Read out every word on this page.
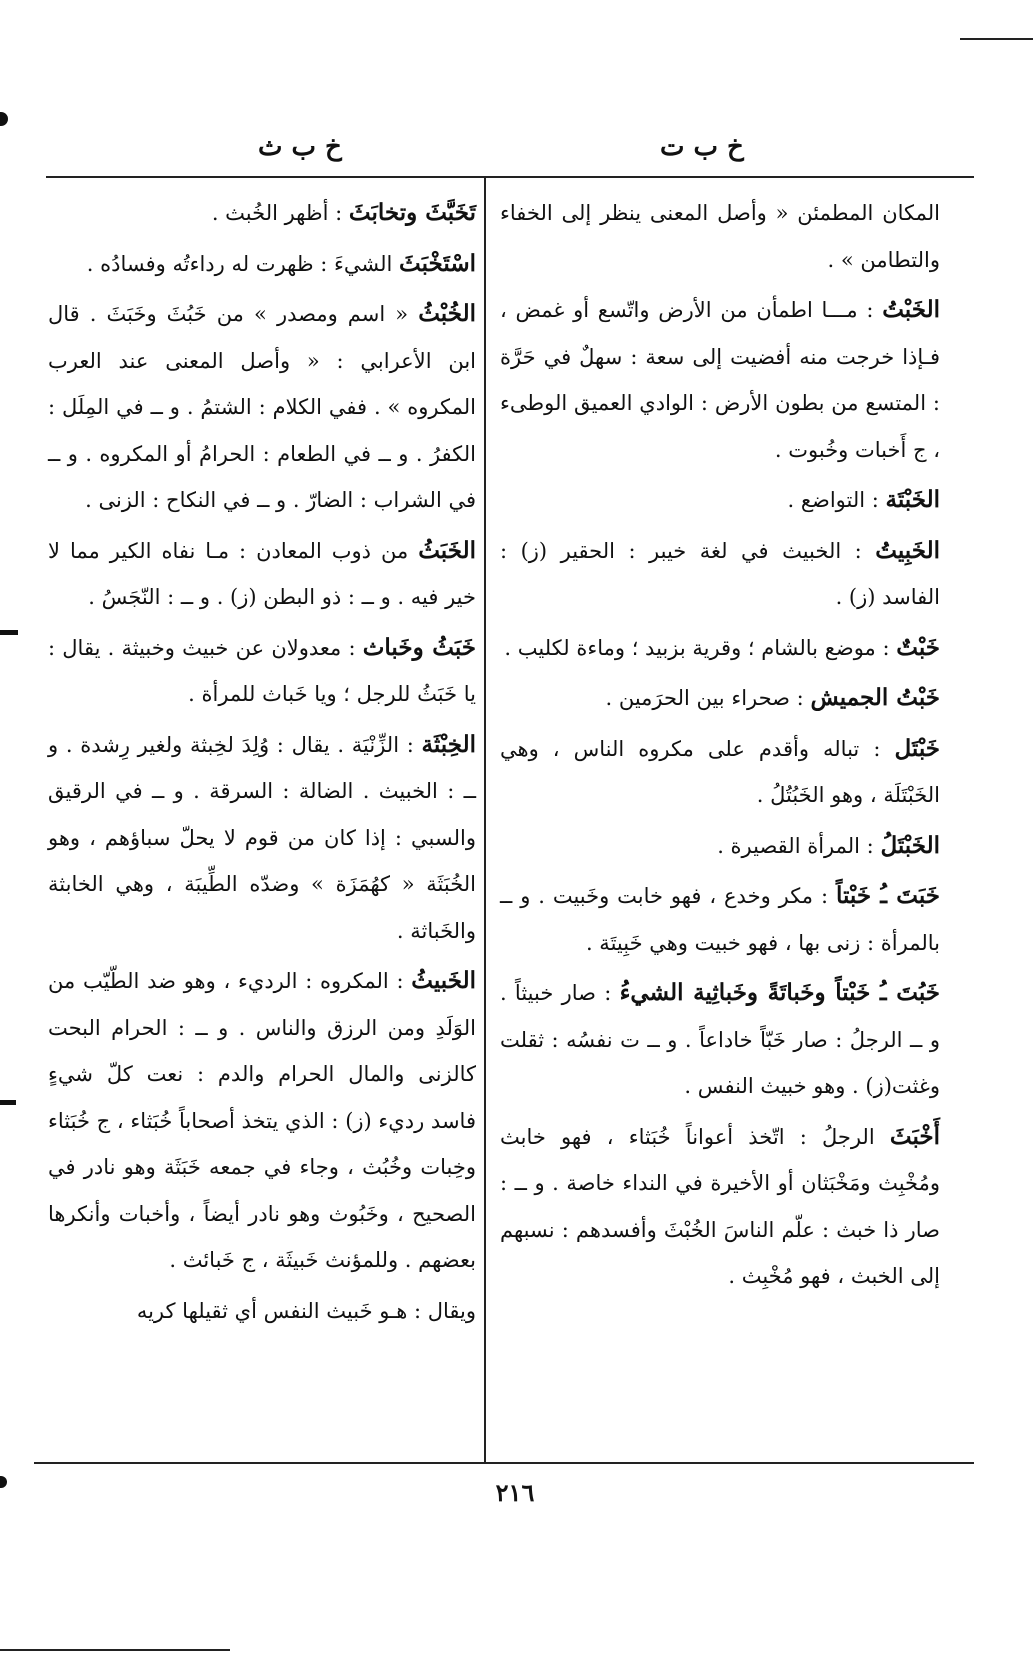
خ ب ت
خ ب ث
المكان المطمئن « وأصل المعنى ينظر إلى الخفاء والتطامن » .
الخَبْتُ : مـــا اطمأن من الأرض واتّسع أو غمض ، فـإذا خرجت منه أفضيت إلى سعة : سهلٌ في حَرَّة : المتسع من بطون الأرض : الوادي العميق الوطىء ، ج أَخبات وخُبوت .
الخَبْتَة : التواضع .
الخَبِيتُ : الخبيث في لغة خيبر : الحقير (ز) : الفاسد (ز) .
خَبْتٌ : موضع بالشام ؛ وقرية بزبيد ؛ وماءة لكليب .
خَبْتُ الجميش : صحراء بين الحرَمين .
خَبْتَل : تباله وأقدم على مكروه الناس ، وهي الخَبْتَلَة ، وهو الخَبُتُلُ .
الخَبْتَلُ : المرأة القصيرة .
خَبَتَ ـُ خَبْتاً : مكر وخدع ، فهو خابت وخَبيت . و ــ بالمرأة : زنى بها ، فهو خبيت وهي خَبِيتَة .
خَبُتَ ـُ خَبْتاً وخَباتَةً وخَباثِية الشيءُ : صار خبيثاً . و ــ الرجلُ : صار خَبّاً خاداعاً . و ــ ت نفسُه : ثقلت وغثت(ز) . وهو خبيث النفس .
أَخْبَثَ الرجلُ : اتّخذ أعواناً خُبَثاء ، فهو خابث ومُخْبِث ومَخْبَثان أو الأخيرة في النداء خاصة . و ــ : صار ذا خبث : علّم الناسَ الخُبْثَ وأفسدهم : نسبهم إلى الخبث ، فهو مُخْبِث .
تَخَبَّثَ وتخابَثَ : أظهر الخُبث .
اسْتَخْبَثَ الشيءَ : ظهرت له رداءتُه وفسادُه .
الخُبْثُ « اسم ومصدر » من خَبُثَ وخَبَثَ . قال ابن الأعرابي : « وأصل المعنى عند العرب المكروه » . ففي الكلام : الشتمُ . و ــ في المِلَل : الكفرُ . و ــ في الطعام : الحرامُ أو المكروه . و ــ في الشراب : الضارّ . و ــ في النكاح : الزنى .
الخَبَثُ من ذوب المعادن : مـا نفاه الكير مما لا خير فيه . و ــ : ذو البطن (ز) . و ــ : النّجَسُ .
خَبَثُ وخَباث : معدولان عن خبيث وخبيثة . يقال : يا خَبَثُ للرجل ؛ ويا خَباث للمرأة .
الخِبْثَة : الزِّنْيَة . يقال : وُلِدَ لخِبثة ولغير رِشدة . و ــ : الخبيث . الضالة : السرقة . و ــ في الرقيق والسبي : إذا كان من قوم لا يحلّ سباؤهم ، وهو الخُبَثَة « كهُمَزَة » وضدّه الطِّيبَة ، وهي الخابثة والخَباثة .
الخَبيثُ : المكروه : الرديء ، وهو ضد الطّيّب من الوَلَدِ ومن الرزق والناس . و ــ : الحرام البحت كالزنى والمال الحرام والدم : نعت كلّ شيءٍ فاسد رديء (ز) : الذي يتخذ أصحاباً خُبَثاء ، ج خُبَثاء وخِبات وخُبُث ، وجاء في جمعه خَبَثَة وهو نادر في الصحيح ، وخَبُوث وهو نادر أيضاً ، وأخبات وأنكرها بعضهم . وللمؤنث خَبيثَة ، ج خَبائث .
ويقال : هـو خَبيث النفس أي ثقيلها كريه
٢١٦
